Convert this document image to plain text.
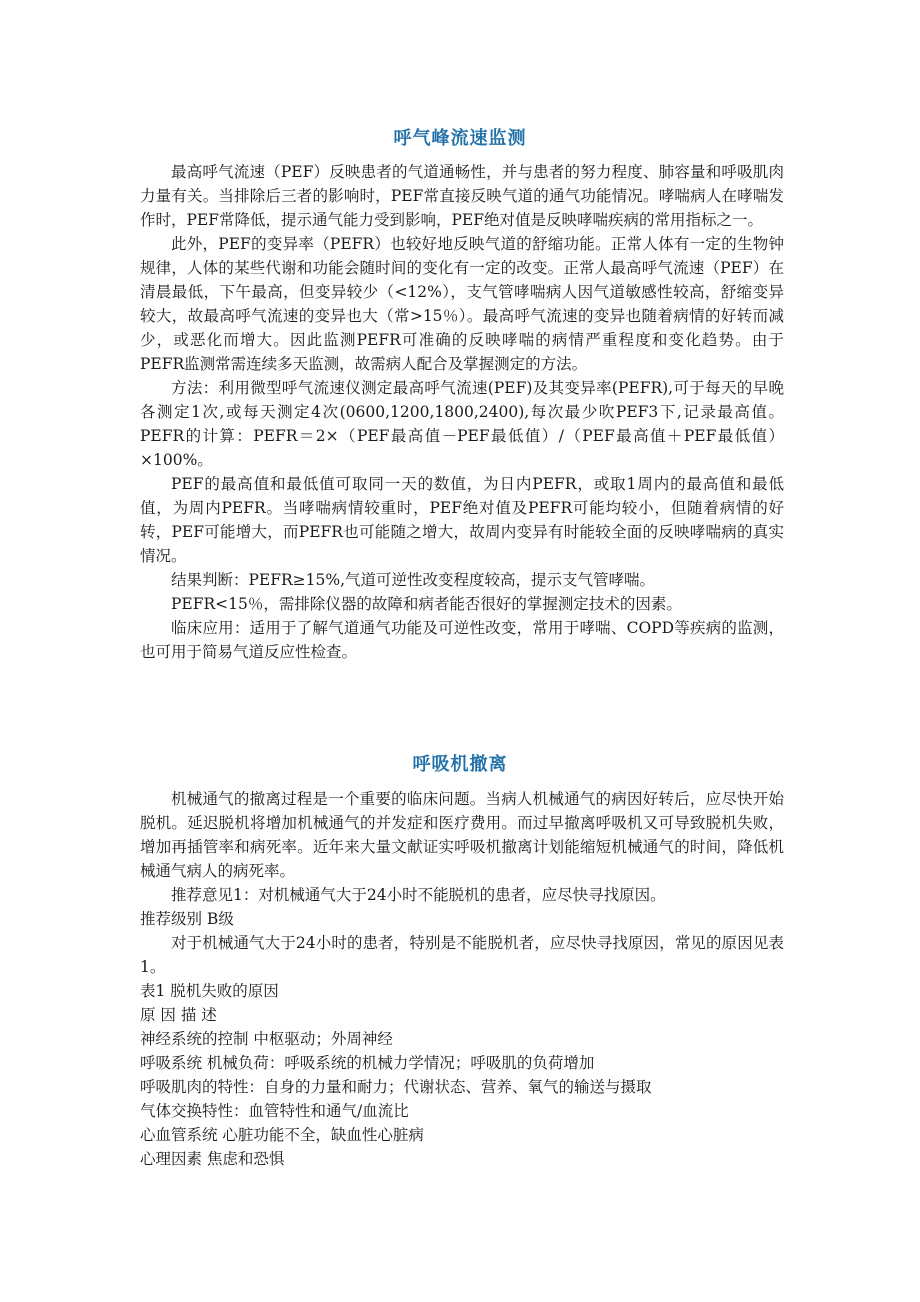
呼气峰流速监测

最高呼气流速（PEF）反映患者的气道通畅性，并与患者的努力程度、肺容量和呼吸肌肉力量有关。当排除后三者的影响时，PEF常直接反映气道的通气功能情况。哮喘病人在哮喘发作时，PEF常降低，提示通气能力受到影响，PEF绝对值是反映哮喘疾病的常用指标之一。

此外，PEF的变异率（PEFR）也较好地反映气道的舒缩功能。正常人体有一定的生物钟规律，人体的某些代谢和功能会随时间的变化有一定的改变。正常人最高呼气流速（PEF）在清晨最低，下午最高，但变异较少（<12%），支气管哮喘病人因气道敏感性较高，舒缩变异较大，故最高呼气流速的变异也大（常>15％）。最高呼气流速的变异也随着病情的好转而减少，或恶化而增大。因此监测PEFR可准确的反映哮喘的病情严重程度和变化趋势。由于PEFR监测常需连续多天监测，故需病人配合及掌握测定的方法。

方法：利用微型呼气流速仪测定最高呼气流速(PEF)及其变异率(PEFR),可于每天的早晚各测定1次,或每天测定4次(0600,1200,1800,2400),每次最少吹PEF3下,记录最高值。PEFR的计算：PEFR＝2×（PEF最高值－PEF最低值）/（PEF最高值＋PEF最低值）×100%。

PEF的最高值和最低值可取同一天的数值，为日内PEFR，或取1周内的最高值和最低值，为周内PEFR。当哮喘病情较重时，PEF绝对值及PEFR可能均较小，但随着病情的好转，PEF可能增大，而PEFR也可能随之增大，故周内变异有时能较全面的反映哮喘病的真实情况。

结果判断：PEFR≥15%,气道可逆性改变程度较高，提示支气管哮喘。

PEFR<15％，需排除仪器的故障和病者能否很好的掌握测定技术的因素。

临床应用：适用于了解气道通气功能及可逆性改变，常用于哮喘、COPD等疾病的监测，也可用于简易气道反应性检查。

呼吸机撤离

机械通气的撤离过程是一个重要的临床问题。当病人机械通气的病因好转后，应尽快开始脱机。延迟脱机将增加机械通气的并发症和医疗费用。而过早撤离呼吸机又可导致脱机失败，增加再插管率和病死率。近年来大量文献证实呼吸机撤离计划能缩短机械通气的时间，降低机械通气病人的病死率。

推荐意见1：对机械通气大于24小时不能脱机的患者，应尽快寻找原因。

推荐级别 B级

对于机械通气大于24小时的患者，特别是不能脱机者，应尽快寻找原因，常见的原因见表1。

表1 脱机失败的原因

原 因 描 述

神经系统的控制 中枢驱动；外周神经

呼吸系统 机械负荷：呼吸系统的机械力学情况；呼吸肌的负荷增加

呼吸肌肉的特性：自身的力量和耐力；代谢状态、营养、氧气的输送与摄取

气体交换特性：血管特性和通气/血流比

心血管系统 心脏功能不全，缺血性心脏病

心理因素 焦虑和恐惧
